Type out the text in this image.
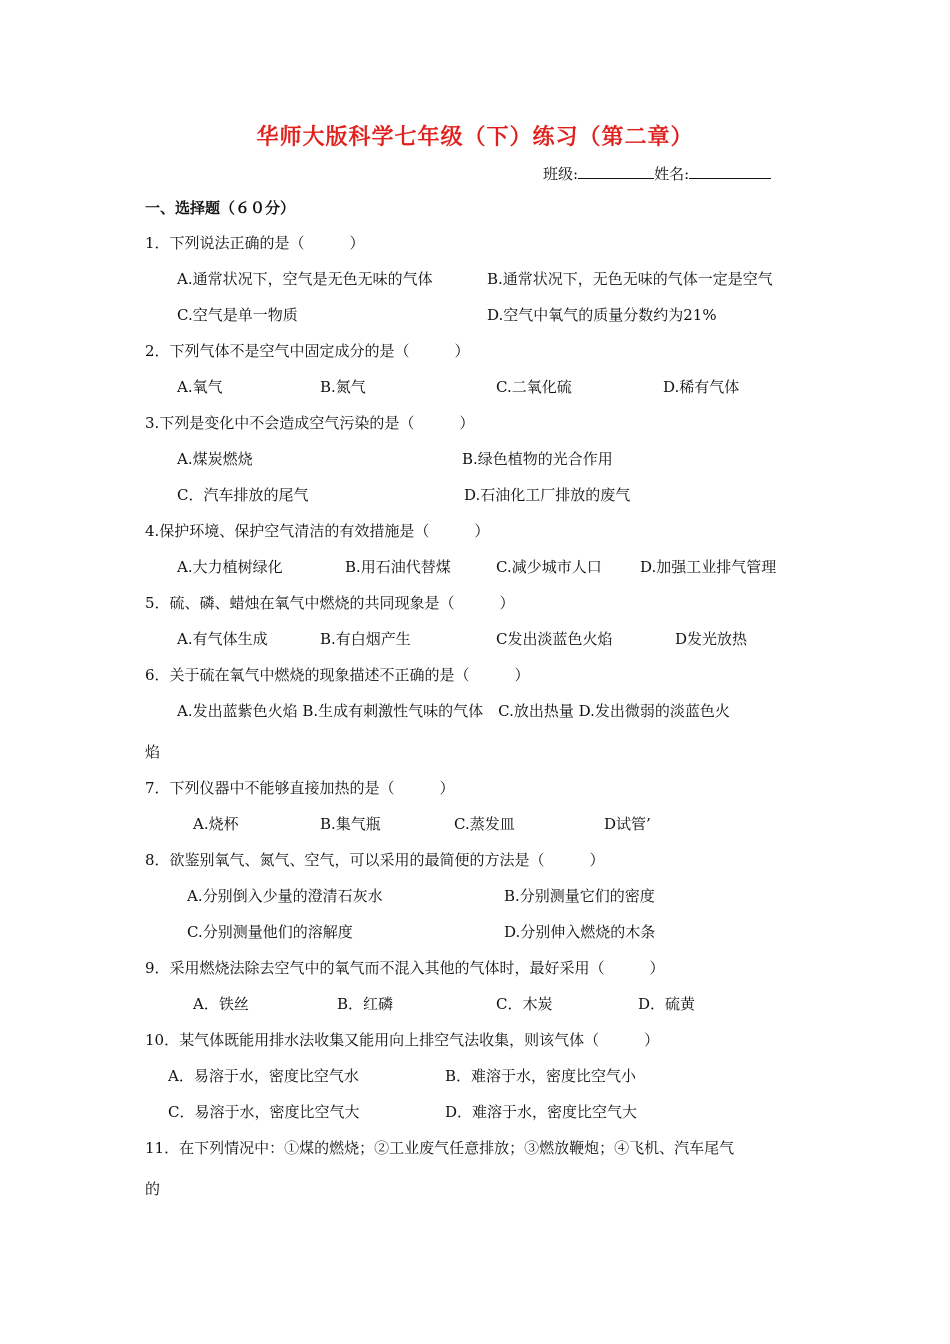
华师大版科学七年级（下）练习（第二章）
班级:	姓名:
一、选择题（６０分）
1．下列说法正确的是（　　　）
A.通常状况下，空气是无色无味的气体	B.通常状况下，无色无味的气体一定是空气
C.空气是单一物质	D.空气中氧气的质量分数约为21%
2．下列气体不是空气中固定成分的是（　　　）
A.氧气	B.氮气	C.二氧化硫	D.稀有气体
3.下列是变化中不会造成空气污染的是（　　　）
A.煤炭燃烧	B.绿色植物的光合作用
C．汽车排放的尾气	D.石油化工厂排放的废气
4.保护环境、保护空气清洁的有效措施是（　　　）
A.大力植树绿化	B.用石油代替煤	C.减少城市人口	D.加强工业排气管理
5．硫、磷、蜡烛在氧气中燃烧的共同现象是（　　　）
A.有气体生成	B.有白烟产生	C发出淡蓝色火焰	D发光放热
6．关于硫在氧气中燃烧的现象描述不正确的是（　　　）
A.发出蓝紫色火焰 B.生成有刺激性气味的气体　C.放出热量 D.发出微弱的淡蓝色火
焰
7．下列仪器中不能够直接加热的是（　　　）
A.烧杯	B.集气瓶	C.蒸发皿	D试管’
8．欲鉴别氧气、氮气、空气，可以采用的最简便的方法是（　　　）
A.分别倒入少量的澄清石灰水	B.分别测量它们的密度
C.分别测量他们的溶解度	D.分别伸入燃烧的木条
9．采用燃烧法除去空气中的氧气而不混入其他的气体时，最好采用（　　　）
A．铁丝	B．红磷	C．木炭	D．硫黄
10．某气体既能用排水法收集又能用向上排空气法收集，则该气体（　　　）
A．易溶于水，密度比空气水	B．难溶于水，密度比空气小
C．易溶于水，密度比空气大	D．难溶于水，密度比空气大
11．在下列情况中：①煤的燃烧；②工业废气任意排放；③燃放鞭炮；④飞机、汽车尾气
的
